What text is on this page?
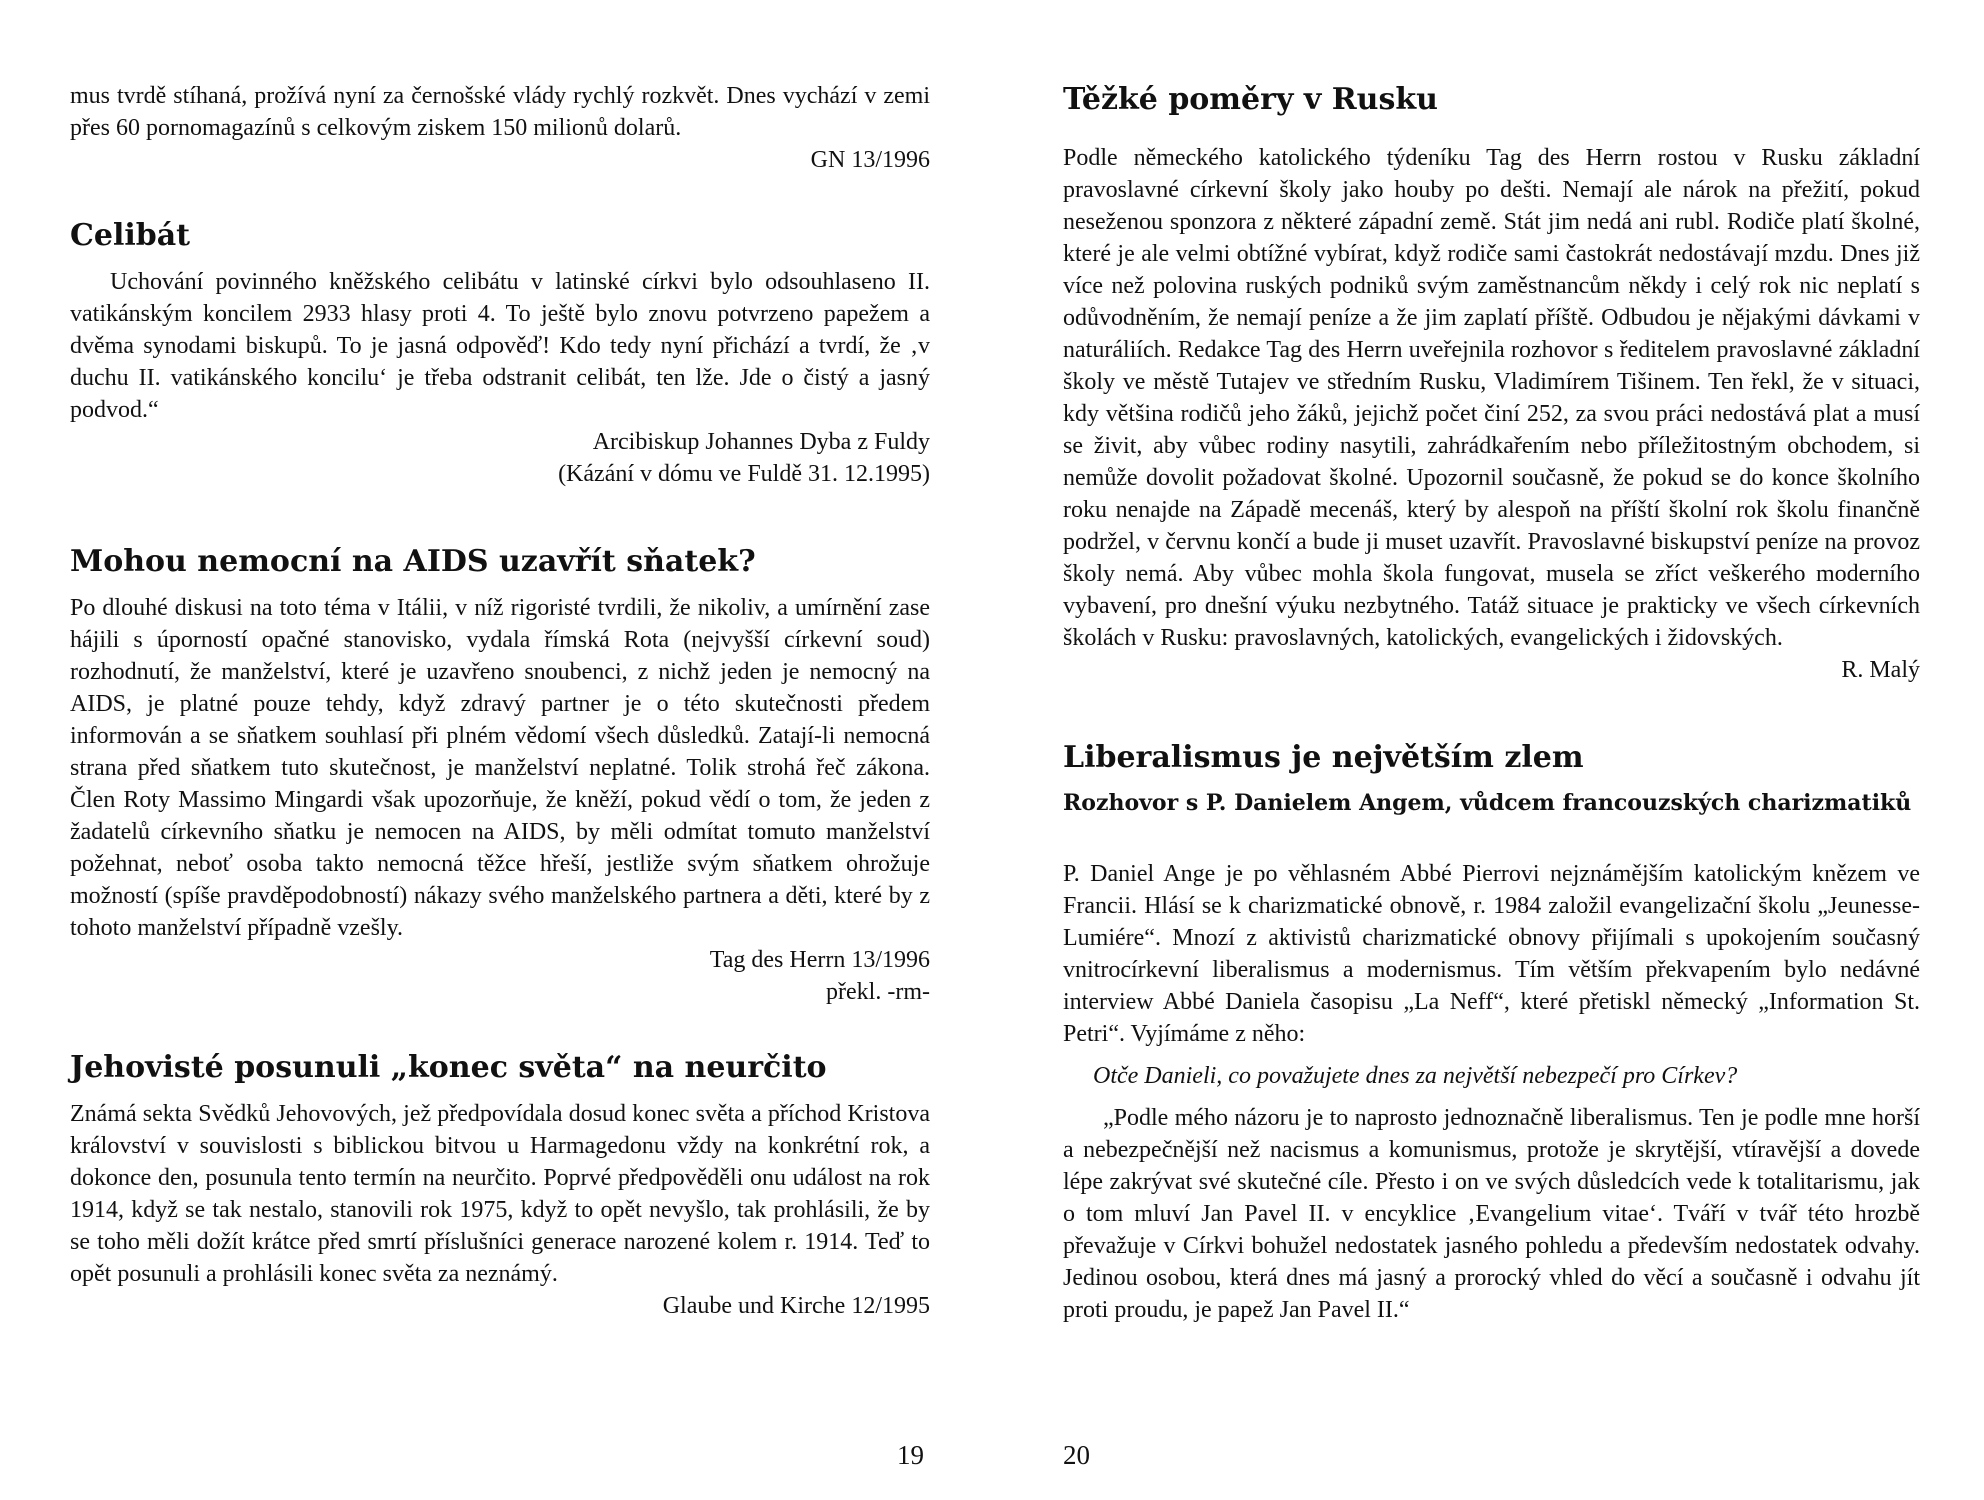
mus tvrdě stíhaná, prožívá nyní za černošské vlády rychlý rozkvět. Dnes vychází v zemi přes 60 pornomagazínů s celkovým ziskem 150 milionů dolarů.

GN 13/1996
Celibát

Uchování povinného kněžského celibátu v latinské církvi bylo odsouhlaseno II. vatikánským koncilem 2933 hlasy proti 4. To ještě bylo znovu potvrzeno papežem a dvěma synodami biskupů. To je jasná odpověď! Kdo tedy nyní přichází a tvrdí, že ‚v duchu II. vatikánského koncilu‘ je třeba odstranit celibát, ten lže. Jde o čistý a jasný podvod.“

Arcibiskup Johannes Dyba z Fuldy
(Kázání v dómu ve Fuldě 31. 12.1995)
Mohou nemocní na AIDS uzavřít sňatek?

Po dlouhé diskusi na toto téma v Itálii, v níž rigoristé tvrdili, že nikoliv, a umírnění zase hájili s úporností opačné stanovisko, vydala římská Rota (nejvyšší církevní soud) rozhodnutí, že manželství, které je uzavřeno snoubenci, z nichž jeden je nemocný na AIDS, je platné pouze tehdy, když zdravý partner je o této skutečnosti předem informován a se sňatkem souhlasí při plném vědomí všech důsledků. Zatají-li nemocná strana před sňatkem tuto skutečnost, je manželství neplatné. Tolik strohá řeč zákona. Člen Roty Massimo Mingardi však upozorňuje, že kněží, pokud vědí o tom, že jeden z žadatelů církevního sňatku je nemocen na AIDS, by měli odmítat tomuto manželství požehnat, neboť osoba takto nemocná těžce hřeší, jestliže svým sňatkem ohrožuje možností (spíše pravděpodobností) nákazy svého manželského partnera a děti, které by z tohoto manželství případně vzešly.

Tag des Herrn 13/1996
překl. -rm-
Jehovisté posunuli „konec světa“ na neurčito

Známá sekta Svědků Jehovových, jež předpovídala dosud konec světa a příchod Kristova království v souvislosti s biblickou bitvou u Harmagedonu vždy na konkrétní rok, a dokonce den, posunula tento termín na neurčito. Poprvé předpověděli onu událost na rok 1914, když se tak nestalo, stanovili rok 1975, když to opět nevyšlo, tak prohlásili, že by se toho měli dožít krátce před smrtí příslušníci generace narozené kolem r. 1914. Teď to opět posunuli a prohlásili konec světa za neznámý.

Glaube und Kirche 12/1995
19
Těžké poměry v Rusku

Podle německého katolického týdeníku Tag des Herrn rostou v Rusku základní pravoslavné církevní školy jako houby po dešti. Nemají ale nárok na přežití, pokud neseženou sponzora z některé západní země. Stát jim nedá ani rubl. Rodiče platí školné, které je ale velmi obtížné vybírat, když rodiče sami častokrát nedostávají mzdu. Dnes již více než polovina ruských podniků svým zaměstnancům někdy i celý rok nic neplatí s odůvodněním, že nemají peníze a že jim zaplatí příště. Odbudou je nějakými dávkami v naturáliích. Redakce Tag des Herrn uveřejnila rozhovor s ředitelem pravoslavné základní školy ve městě Tutajev ve středním Rusku, Vladimírem Tišinem. Ten řekl, že v situaci, kdy většina rodičů jeho žáků, jejichž počet činí 252, za svou práci nedostává plat a musí se živit, aby vůbec rodiny nasytili, zahrádkařením nebo příležitostným obchodem, si nemůže dovolit požadovat školné. Upozornil současně, že pokud se do konce školního roku nenajde na Západě mecenáš, který by alespoň na příští školní rok školu finančně podržel, v červnu končí a bude ji muset uzavřít. Pravoslavné biskupství peníze na provoz školy nemá. Aby vůbec mohla škola fungovat, musela se zříct veškerého moderního vybavení, pro dnešní výuku nezbytného. Tatáž situace je prakticky ve všech církevních školách v Rusku: pravoslavných, katolických, evangelických i židovských.

R. Malý
Liberalismus je největším zlem
Rozhovor s P. Danielem Angem, vůdcem francouzských charizmatiků

P. Daniel Ange je po věhlasném Abbé Pierrovi nejznámějším katolickým knězem ve Francii. Hlásí se k charizmatické obnově, r. 1984 založil evangelizační školu „Jeunesse-Lumiére“. Mnozí z aktivistů charizmatické obnovy přijímali s upokojením současný vnitrocírkevní liberalismus a modernismus. Tím větším překvapením bylo nedávné interview Abbé Daniela časopisu „La Neff“, které přetiskl německý „Information St. Petri“. Vyjímáme z něho:

Otče Danieli, co považujete dnes za největší nebezpečí pro Církev?

„Podle mého názoru je to naprosto jednoznačně liberalismus. Ten je podle mne horší a nebezpečnější než nacismus a komunismus, protože je skrytější, vtíravější a dovede lépe zakrývat své skutečné cíle. Přesto i on ve svých důsledcích vede k totalitarismu, jak o tom mluví Jan Pavel II. v encyklice ‚Evangelium vitae‘. Tváří v tvář této hrozbě převažuje v Církvi bohužel nedostatek jasného pohledu a především nedostatek odvahy. Jedinou osobou, která dnes má jasný a prorocký vhled do věcí a současně i odvahu jít proti proudu, je papež Jan Pavel II.“

20
